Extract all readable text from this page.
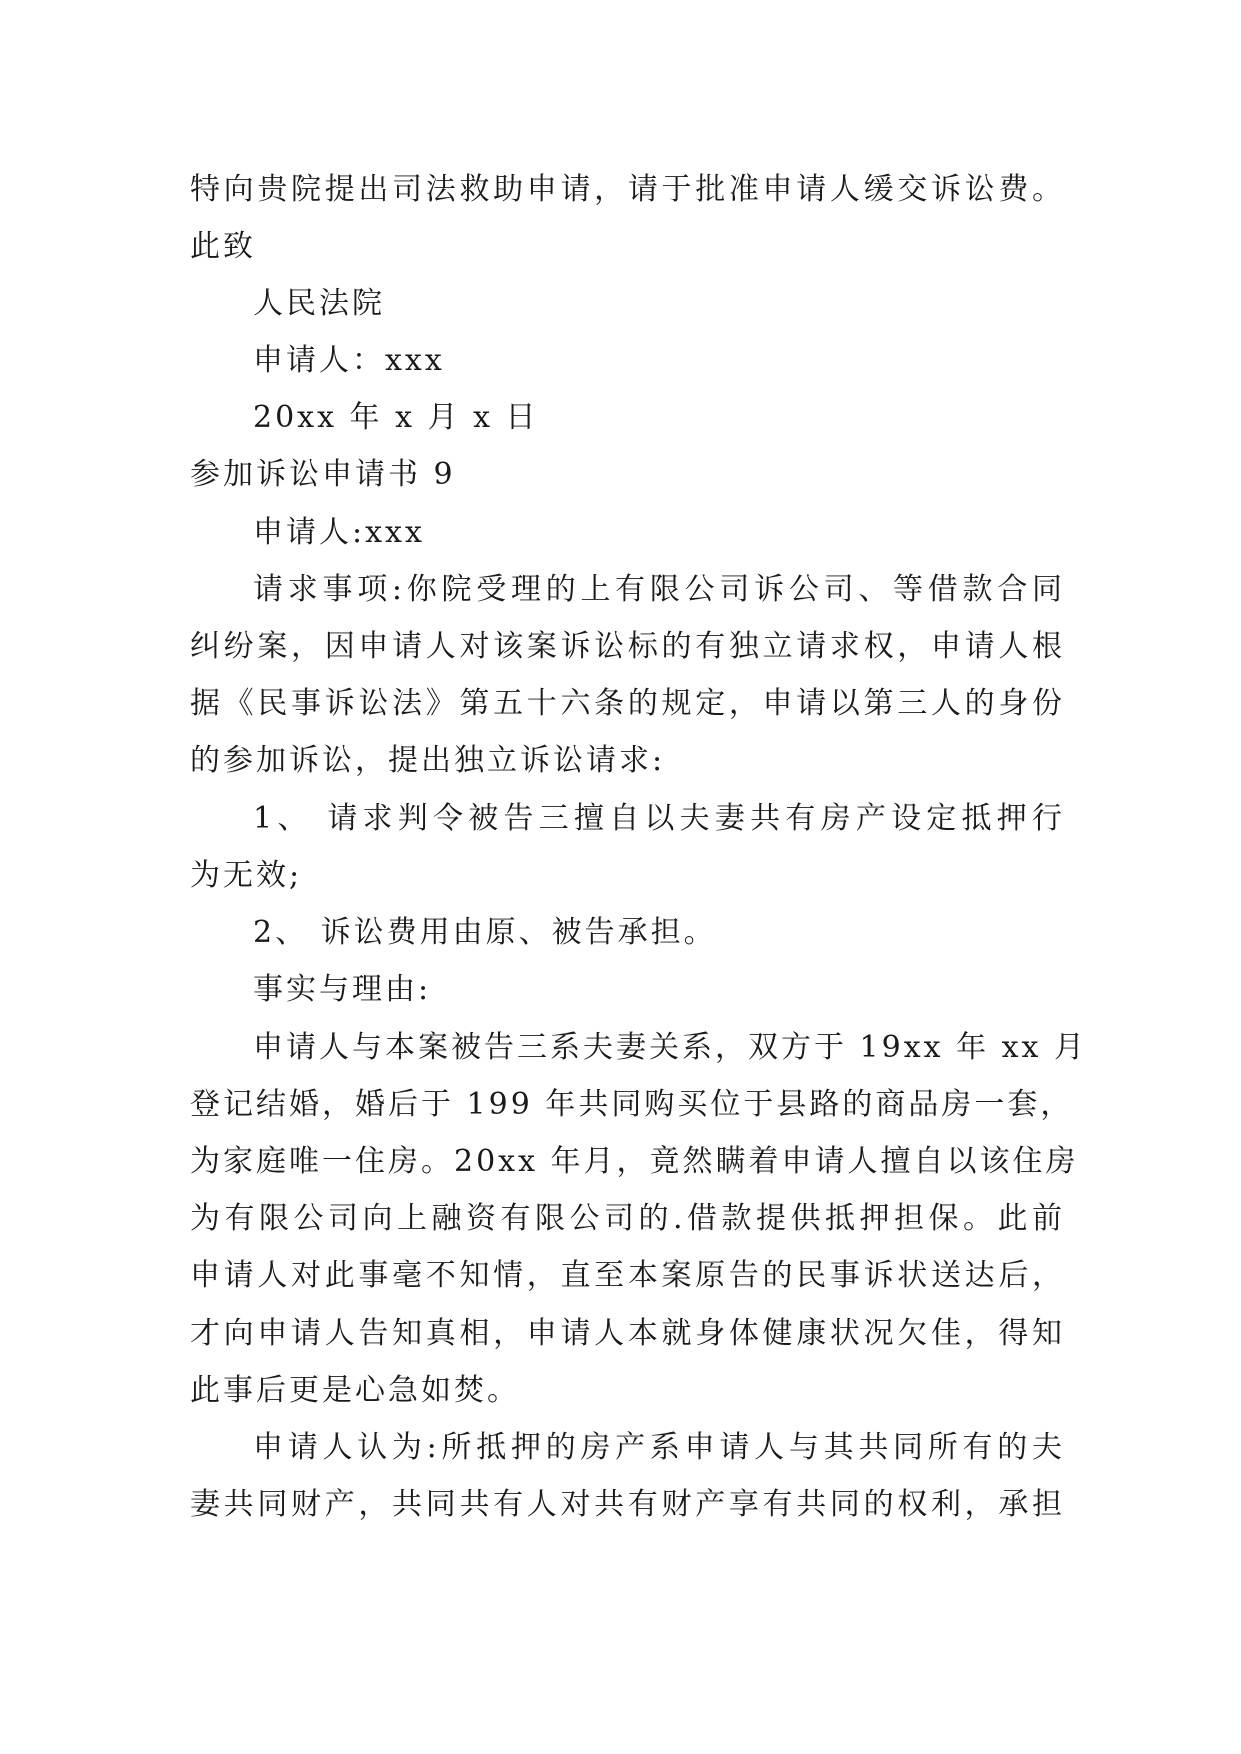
特向贵院提出司法救助申请，请于批准申请人缓交诉讼费。
此致
人民法院
申请人：xxx
20xx 年 x 月 x 日
参加诉讼申请书 9
申请人:xxx
请求事项:你院受理的上有限公司诉公司、等借款合同
纠纷案，因申请人对该案诉讼标的有独立请求权，申请人根
据《民事诉讼法》第五十六条的规定，申请以第三人的身份
的参加诉讼，提出独立诉讼请求:
1、 请求判令被告三擅自以夫妻共有房产设定抵押行
为无效;
2、 诉讼费用由原、被告承担。
事实与理由:
申请人与本案被告三系夫妻关系，双方于 19xx 年 xx 月
登记结婚，婚后于 199 年共同购买位于县路的商品房一套，
为家庭唯一住房。20xx 年月，竟然瞒着申请人擅自以该住房
为有限公司向上融资有限公司的.借款提供抵押担保。此前
申请人对此事毫不知情，直至本案原告的民事诉状送达后，
才向申请人告知真相，申请人本就身体健康状况欠佳，得知
此事后更是心急如焚。
申请人认为:所抵押的房产系申请人与其共同所有的夫
妻共同财产，共同共有人对共有财产享有共同的权利，承担
